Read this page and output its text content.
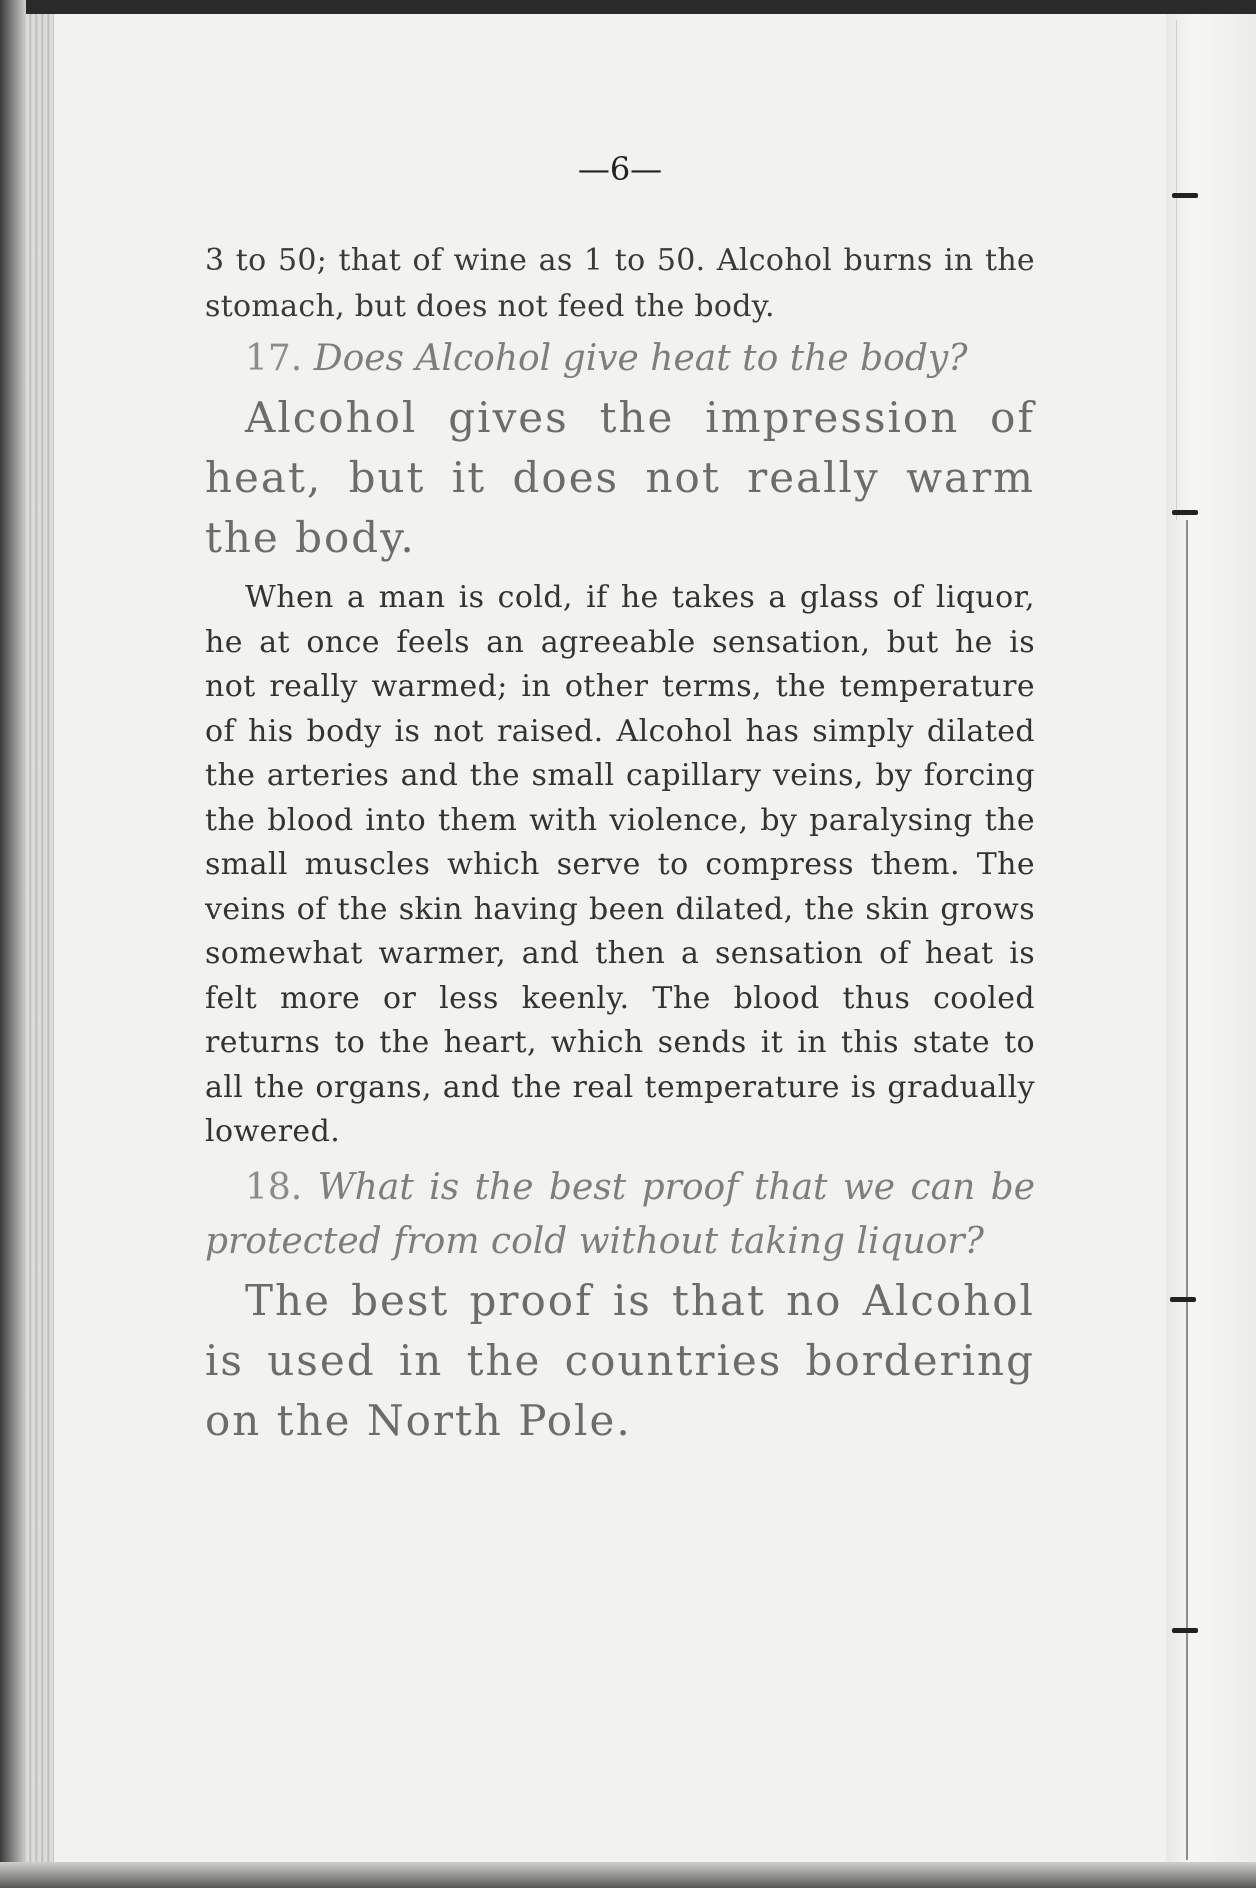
—6—

3 to 50; that of wine as 1 to 50. Alcohol burns in the stomach, but does not feed the body.

17. Does Alcohol give heat to the body?

Alcohol gives the impression of heat, but it does not really warm the body.

When a man is cold, if he takes a glass of liquor, he at once feels an agreeable sensation, but he is not really warmed; in other terms, the temperature of his body is not raised. Alcohol has simply dilated the arteries and the small capillary veins, by forcing the blood into them with violence, by paralysing the small muscles which serve to compress them. The veins of the skin having been dilated, the skin grows somewhat warmer, and then a sensation of heat is felt more or less keenly. The blood thus cooled returns to the heart, which sends it in this state to all the organs, and the real temperature is gradually lowered.

18. What is the best proof that we can be protected from cold without taking liquor?

The best proof is that no Alcohol is used in the countries bordering on the North Pole.
